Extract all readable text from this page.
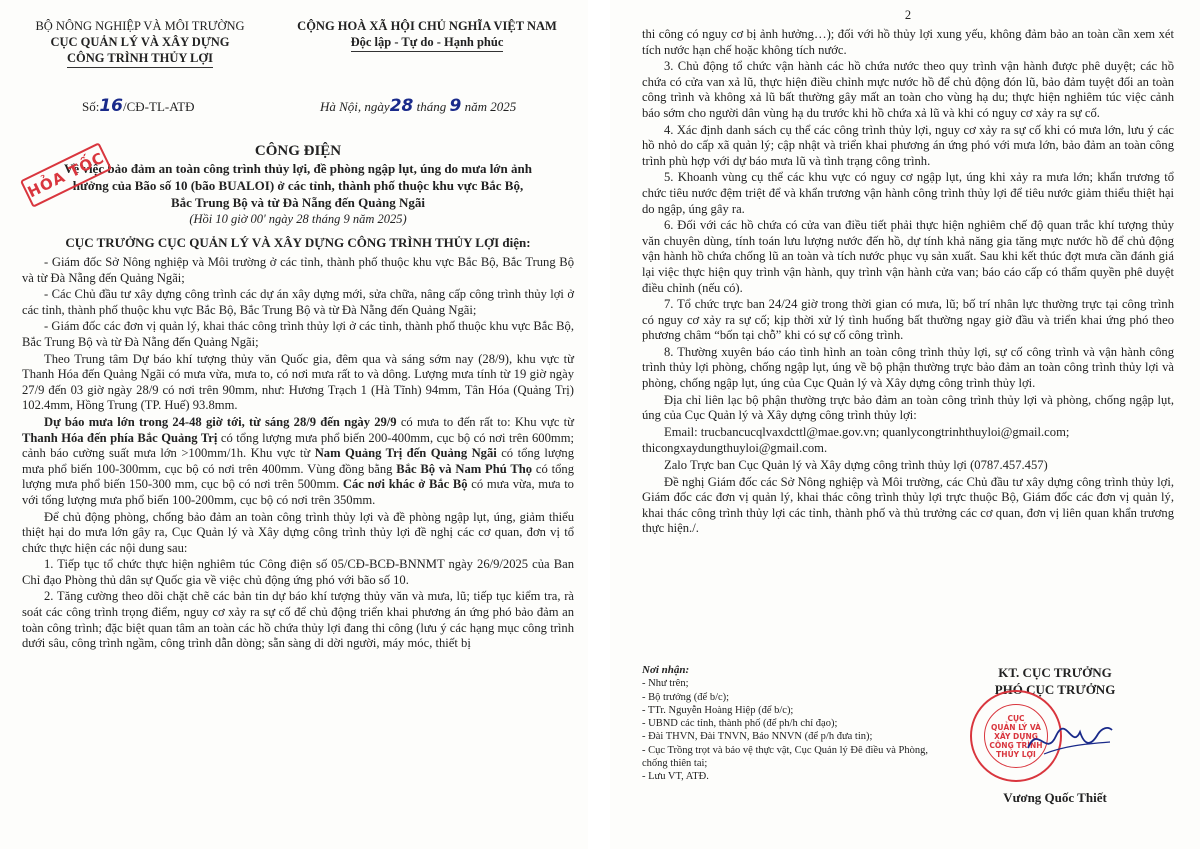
BỘ NÔNG NGHIỆP VÀ MÔI TRƯỜNG
CỤC QUẢN LÝ VÀ XÂY DỰNG
CÔNG TRÌNH THỦY LỢI
CỘNG HOÀ XÃ HỘI CHỦ NGHĨA VIỆT NAM
Độc lập - Tự do - Hạnh phúc
Số:16/CĐ-TL-ATĐ	Hà Nội, ngày28 tháng 9 năm 2025
HỎA TỐC	CÔNG ĐIỆN
Về việc bảo đảm an toàn công trình thủy lợi, đề phòng ngập lụt, úng do mưa lớn ảnh hưởng của Bão số 10 (bão BUALOI) ở các tỉnh, thành phố thuộc khu vực Bắc Bộ, Bắc Trung Bộ và từ Đà Nẵng đến Quảng Ngãi
(Hồi 10 giờ 00' ngày 28 tháng 9 năm 2025)
CỤC TRƯỞNG CỤC QUẢN LÝ VÀ XÂY DỰNG CÔNG TRÌNH THỦY LỢI điện:

- Giám đốc Sở Nông nghiệp và Môi trường ở các tỉnh, thành phố thuộc khu vực Bắc Bộ, Bắc Trung Bộ và từ Đà Nẵng đến Quảng Ngãi;

- Các Chủ đầu tư xây dựng công trình các dự án xây dựng mới, sửa chữa, nâng cấp công trình thủy lợi ở các tỉnh, thành phố thuộc khu vực Bắc Bộ, Bắc Trung Bộ và từ Đà Nẵng đến Quảng Ngãi;

- Giám đốc các đơn vị quản lý, khai thác công trình thủy lợi ở các tỉnh, thành phố thuộc khu vực Bắc Bộ, Bắc Trung Bộ và từ Đà Nẵng đến Quảng Ngãi;

Theo Trung tâm Dự báo khí tượng thủy văn Quốc gia, đêm qua và sáng sớm nay (28/9), khu vực từ Thanh Hóa đến Quảng Ngãi có mưa vừa, mưa to, có nơi mưa rất to và dông. Lượng mưa tính từ 19 giờ ngày 27/9 đến 03 giờ ngày 28/9 có nơi trên 90mm, như: Hương Trạch 1 (Hà Tĩnh) 94mm, Tân Hóa (Quảng Trị) 102.4mm, Hồng Trung (TP. Huế) 93.8mm.

Dự báo mưa lớn trong 24-48 giờ tới, từ sáng 28/9 đến ngày 29/9 có mưa to đến rất to: Khu vực từ Thanh Hóa đến phía Bắc Quảng Trị có tổng lượng mưa phổ biến 200-400mm, cục bộ có nơi trên 600mm; cảnh báo cường suất mưa lớn >100mm/1h. Khu vực từ Nam Quảng Trị đến Quảng Ngãi có tổng lượng mưa phổ biến 100-300mm, cục bộ có nơi trên 400mm. Vùng đồng bằng Bắc Bộ và Nam Phú Thọ có tổng lượng mưa phổ biến 150-300 mm, cục bộ có nơi trên 500mm. Các nơi khác ở Bắc Bộ có mưa vừa, mưa to với tổng lượng mưa phổ biến 100-200mm, cục bộ có nơi trên 350mm.

Để chủ động phòng, chống bảo đảm an toàn công trình thủy lợi và đề phòng ngập lụt, úng, giảm thiểu thiệt hại do mưa lớn gây ra, Cục Quản lý và Xây dựng công trình thủy lợi đề nghị các cơ quan, đơn vị tổ chức thực hiện các nội dung sau:

1. Tiếp tục tổ chức thực hiện nghiêm túc Công điện số 05/CĐ-BCĐ-BNNMT ngày 26/9/2025 của Ban Chỉ đạo Phòng thủ dân sự Quốc gia về việc chủ động ứng phó với bão số 10.

2. Tăng cường theo dõi chặt chẽ các bản tin dự báo khí tượng thủy văn và mưa, lũ; tiếp tục kiểm tra, rà soát các công trình trọng điểm, nguy cơ xảy ra sự cố để chủ động triển khai phương án ứng phó bảo đảm an toàn công trình; đặc biệt quan tâm an toàn các hồ chứa thủy lợi đang thi công (lưu ý các hạng mục công trình dưới sâu, công trình ngầm, công trình dẫn dòng; sẵn sàng di dời người, máy móc, thiết bị

2

thi công có nguy cơ bị ảnh hưởng…); đối với hồ thủy lợi xung yếu, không đảm bảo an toàn cần xem xét tích nước hạn chế hoặc không tích nước.

3. Chủ động tổ chức vận hành các hồ chứa nước theo quy trình vận hành được phê duyệt; các hồ chứa có cửa van xả lũ, thực hiện điều chỉnh mực nước hồ để chủ động đón lũ, bảo đảm tuyệt đối an toàn công trình và không xả lũ bất thường gây mất an toàn cho vùng hạ du; thực hiện nghiêm túc việc cảnh báo sớm cho người dân vùng hạ du trước khi hồ chứa xả lũ và khi có nguy cơ xảy ra sự cố.

4. Xác định danh sách cụ thể các công trình thủy lợi, nguy cơ xảy ra sự cố khi có mưa lớn, lưu ý các hồ nhỏ do cấp xã quản lý; cập nhật và triển khai phương án ứng phó với mưa lớn, bảo đảm an toàn công trình phù hợp với dự báo mưa lũ và tình trạng công trình.

5. Khoanh vùng cụ thể các khu vực có nguy cơ ngập lụt, úng khi xảy ra mưa lớn; khẩn trương tổ chức tiêu nước đệm triệt để và khẩn trương vận hành công trình thủy lợi để tiêu nước giảm thiểu thiệt hại do ngập, úng gây ra.

6. Đối với các hồ chứa có cửa van điều tiết phải thực hiện nghiêm chế độ quan trắc khí tượng thủy văn chuyên dùng, tính toán lưu lượng nước đến hồ, dự tính khả năng gia tăng mực nước hồ để chủ động vận hành hồ chứa chống lũ an toàn và tích nước phục vụ sản xuất. Sau khi kết thúc đợt mưa cần đánh giá lại việc thực hiện quy trình vận hành, quy trình vận hành cửa van; báo cáo cấp có thẩm quyền phê duyệt điều chỉnh (nếu có).

7. Tổ chức trực ban 24/24 giờ trong thời gian có mưa, lũ; bố trí nhân lực thường trực tại công trình có nguy cơ xảy ra sự cố; kịp thời xử lý tình huống bất thường ngay giờ đầu và triển khai ứng phó theo phương châm “bốn tại chỗ” khi có sự cố công trình.

8. Thường xuyên báo cáo tình hình an toàn công trình thủy lợi, sự cố công trình và vận hành công trình thủy lợi phòng, chống ngập lụt, úng về bộ phận thường trực bảo đảm an toàn công trình thủy lợi và phòng, chống ngập lụt, úng của Cục Quản lý và Xây dựng công trình thủy lợi.

Địa chỉ liên lạc bộ phận thường trực bảo đảm an toàn công trình thủy lợi và phòng, chống ngập lụt, úng của Cục Quản lý và Xây dựng công trình thủy lợi:

Email: trucbancucqlvaxdcttl@mae.gov.vn; quanlycongtrinhthuyloi@gmail.com;

thicongxaydungthuyloi@gmail.com.

Zalo Trực ban Cục Quản lý và Xây dựng công trình thủy lợi (0787.457.457)

Đề nghị Giám đốc các Sở Nông nghiệp và Môi trường, các Chủ đầu tư xây dựng công trình thủy lợi, Giám đốc các đơn vị quản lý, khai thác công trình thủy lợi trực thuộc Bộ, Giám đốc các đơn vị quản lý, khai thác công trình thủy lợi các tỉnh, thành phố và thủ trưởng các cơ quan, đơn vị liên quan khẩn trương thực hiện./.

Nơi nhận:
- Như trên;
- Bộ trưởng (để b/c);
- TTr. Nguyễn Hoàng Hiệp (để b/c);
- UBND các tỉnh, thành phố (để ph/h chỉ đạo);
- Đài THVN, Đài TNVN, Báo NNVN (để p/h đưa tin);
- Cục Trồng trọt và bảo vệ thực vật, Cục Quản lý Đê điều và Phòng, chống thiên tai;
- Lưu VT, ATĐ.
KT. CỤC TRƯỞNG
PHÓ CỤC TRƯỞNG
CỤC
QUẢN LÝ VÀ
XÂY DỰNG
CÔNG TRÌNH
THỦY LỢI
Vương Quốc Thiết
